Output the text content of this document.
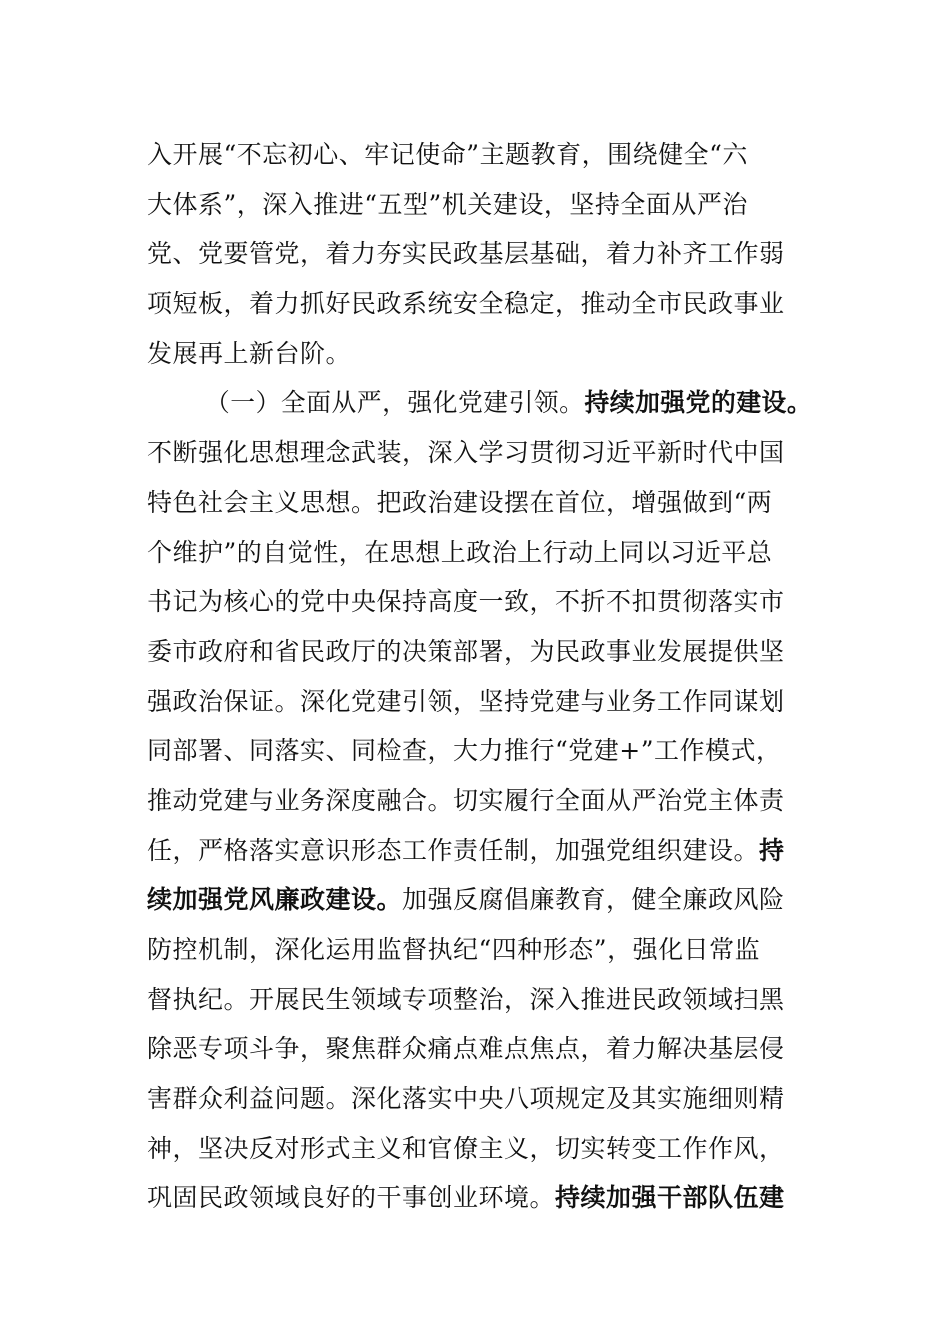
入开展“不忘初心、牢记使命”主题教育，围绕健全“六
大体系”，深入推进“五型”机关建设，坚持全面从严治
党、党要管党，着力夯实民政基层基础，着力补齐工作弱
项短板，着力抓好民政系统安全稳定，推动全市民政事业
发展再上新台阶。
（一）全面从严，强化党建引领。持续加强党的建设。
不断强化思想理念武装，深入学习贯彻习近平新时代中国
特色社会主义思想。把政治建设摆在首位，增强做到“两
个维护”的自觉性，在思想上政治上行动上同以习近平总
书记为核心的党中央保持高度一致，不折不扣贯彻落实市
委市政府和省民政厅的决策部署，为民政事业发展提供坚
强政治保证。深化党建引领，坚持党建与业务工作同谋划
同部署、同落实、同检查，大力推行“党建+”工作模式，
推动党建与业务深度融合。切实履行全面从严治党主体责
任，严格落实意识形态工作责任制，加强党组织建设。持
续加强党风廉政建设。加强反腐倡廉教育，健全廉政风险
防控机制，深化运用监督执纪“四种形态”，强化日常监
督执纪。开展民生领域专项整治，深入推进民政领域扫黑
除恶专项斗争，聚焦群众痛点难点焦点，着力解决基层侵
害群众利益问题。深化落实中央八项规定及其实施细则精
神，坚决反对形式主义和官僚主义，切实转变工作作风，
巩固民政领域良好的干事创业环境。持续加强干部队伍建
